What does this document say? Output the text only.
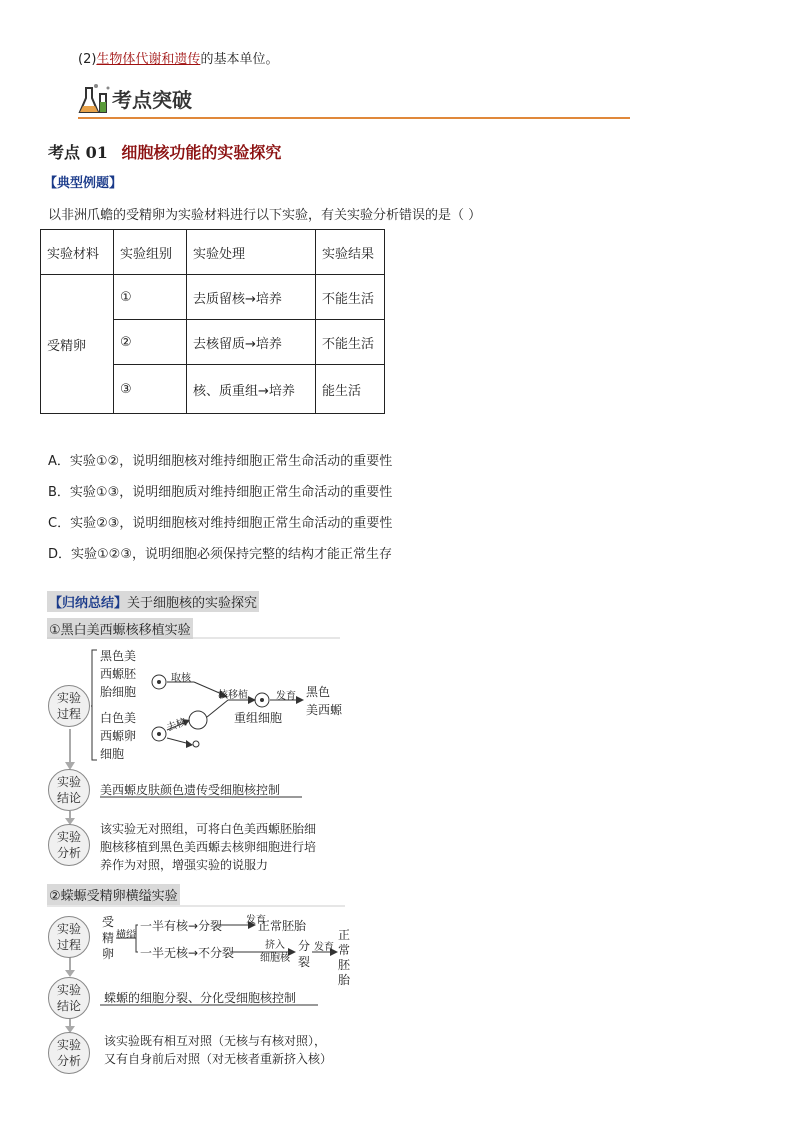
(2)生物体代谢和遗传的基本单位。
考点突破
考点 01 细胞核功能的实验探究
【典型例题】
以非洲爪蟾的受精卵为实验材料进行以下实验，有关实验分析错误的是（ ）
实验材料	实验组别	实验处理	实验结果
受精卵	①	去质留核→培养	不能生活
	②	去核留质→培养	不能生活
	③	核、质重组→培养	能生活
A．实验①②，说明细胞核对维持细胞正常生命活动的重要性
B．实验①③，说明细胞质对维持细胞正常生命活动的重要性
C．实验②③，说明细胞核对维持细胞正常生命活动的重要性
D．实验①②③，说明细胞必须保持完整的结构才能正常生存
【归纳总结】关于细胞核的实验探究
①黑白美西螈核移植实验
实验过程
实验结论
实验分析
黑色美
西螈胚
胎细胞
白色美
西螈卵
细胞
取核
去核
核移植
重组细胞
发育 黑色
美西螈
美西螈皮肤颜色遗传受细胞核控制
该实验无对照组，可将白色美西螈胚胎细
胞核移植到黑色美西螈去核卵细胞进行培
养作为对照，增强实验的说服力
②蝾螈受精卵横缢实验
实验过程
实验结论
实验分析
受
精
卵
横缢
一半有核→分裂 发育
正常胚胎
一半无核→不分裂
挤入
细胞核
分
裂
发育
正
常
胚
胎
蝾螈的细胞分裂、分化受细胞核控制
该实验既有相互对照（无核与有核对照），
又有自身前后对照（对无核者重新挤入核）
